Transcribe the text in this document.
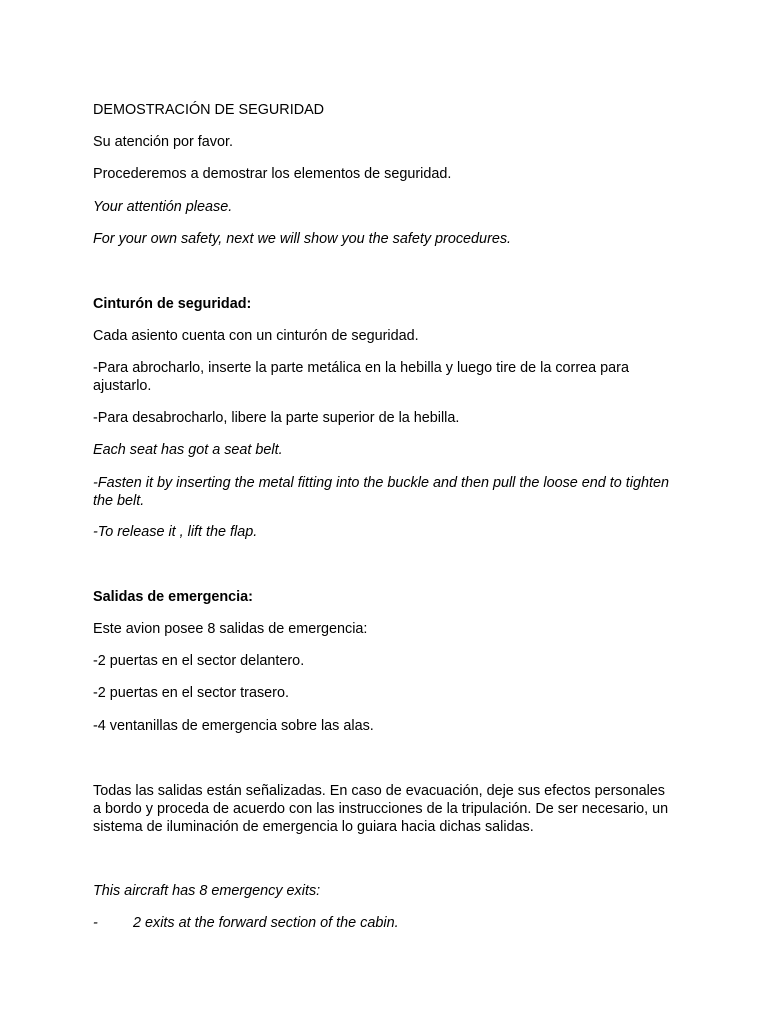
DEMOSTRACIÓN DE SEGURIDAD

Su atención por favor.

Procederemos a demostrar los elementos de seguridad.

Your attentión please.

For your own safety, next we will show you the safety procedures.

Cinturón de seguridad:

Cada asiento cuenta con un cinturón de seguridad.

-Para abrocharlo, inserte la parte metálica en la hebilla y luego tire de la correa para ajustarlo.

-Para desabrocharlo, libere la parte superior de la hebilla.

Each seat has got a seat belt.

-Fasten it by inserting the metal fitting into the buckle and then pull the loose end to tighten the belt.

-To release it , lift the flap.

Salidas de emergencia:

Este avion posee 8 salidas de emergencia:

-2 puertas en el sector delantero.

-2 puertas en el sector trasero.

-4 ventanillas de emergencia sobre las alas.

Todas las salidas están señalizadas. En caso de evacuación, deje sus efectos personales a bordo y proceda de acuerdo con las instrucciones de la tripulación. De ser necesario, un sistema de iluminación de emergencia lo guiara hacia dichas salidas.

This aircraft has 8 emergency exits:

- 2 exits at the forward section of the cabin.
